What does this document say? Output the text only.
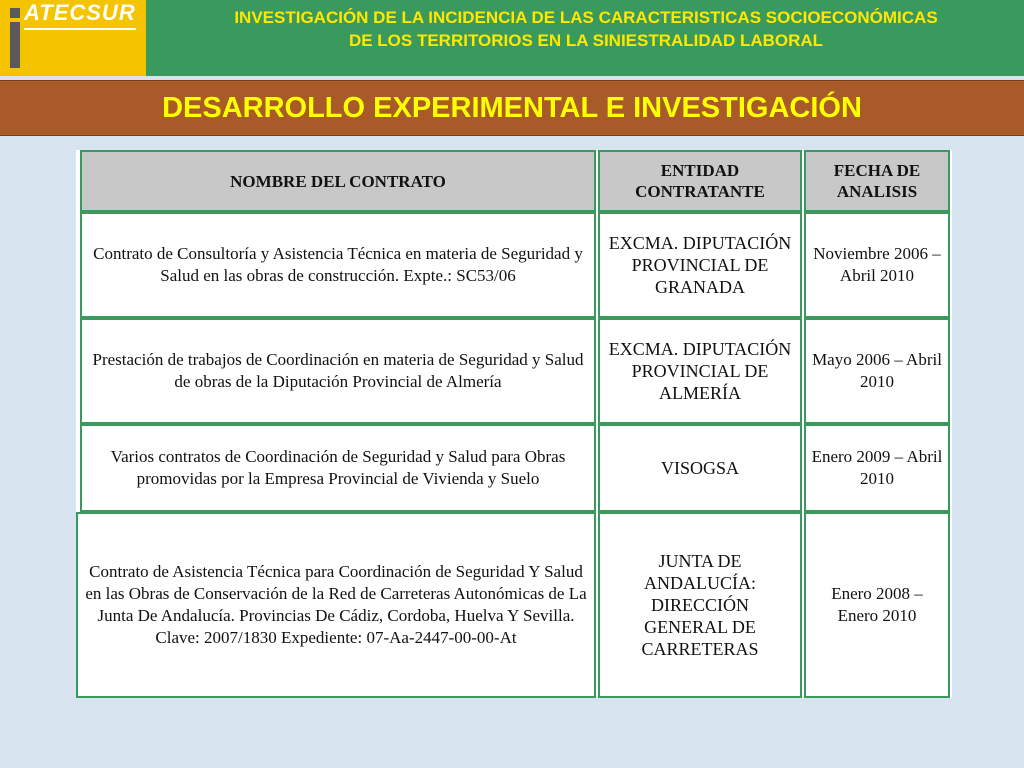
ATECSUR	INVESTIGACIÓN DE LA INCIDENCIA DE LAS CARACTERISTICAS SOCIOECONÓMICAS
DE LOS TERRITORIOS EN LA SINIESTRALIDAD LABORAL
DESARROLLO EXPERIMENTAL E INVESTIGACIÓN
NOMBRE DEL CONTRATO
ENTIDAD CONTRATANTE
FECHA DE ANALISIS
Contrato de Consultoría y Asistencia Técnica en materia de Seguridad y Salud en las obras de construcción. Expte.: SC53/06
EXCMA. DIPUTACIÓN PROVINCIAL DE GRANADA
Noviembre 2006 – Abril 2010
Prestación de trabajos de Coordinación en materia de Seguridad y Salud de obras de la Diputación Provincial de Almería
EXCMA. DIPUTACIÓN PROVINCIAL DE ALMERÍA
Mayo 2006 – Abril 2010
Varios contratos de Coordinación de Seguridad y Salud para Obras promovidas por la Empresa Provincial de Vivienda y Suelo
VISOGSA
Enero 2009 – Abril 2010
Contrato de Asistencia Técnica para Coordinación de Seguridad Y Salud en las Obras de Conservación de la Red de Carreteras Autonómicas de La Junta De Andalucía. Provincias De Cádiz, Cordoba, Huelva Y Sevilla. Clave: 2007/1830 Expediente: 07-Aa-2447-00-00-At
JUNTA DE ANDALUCÍA: DIRECCIÓN GENERAL DE CARRETERAS
Enero 2008 – Enero 2010
